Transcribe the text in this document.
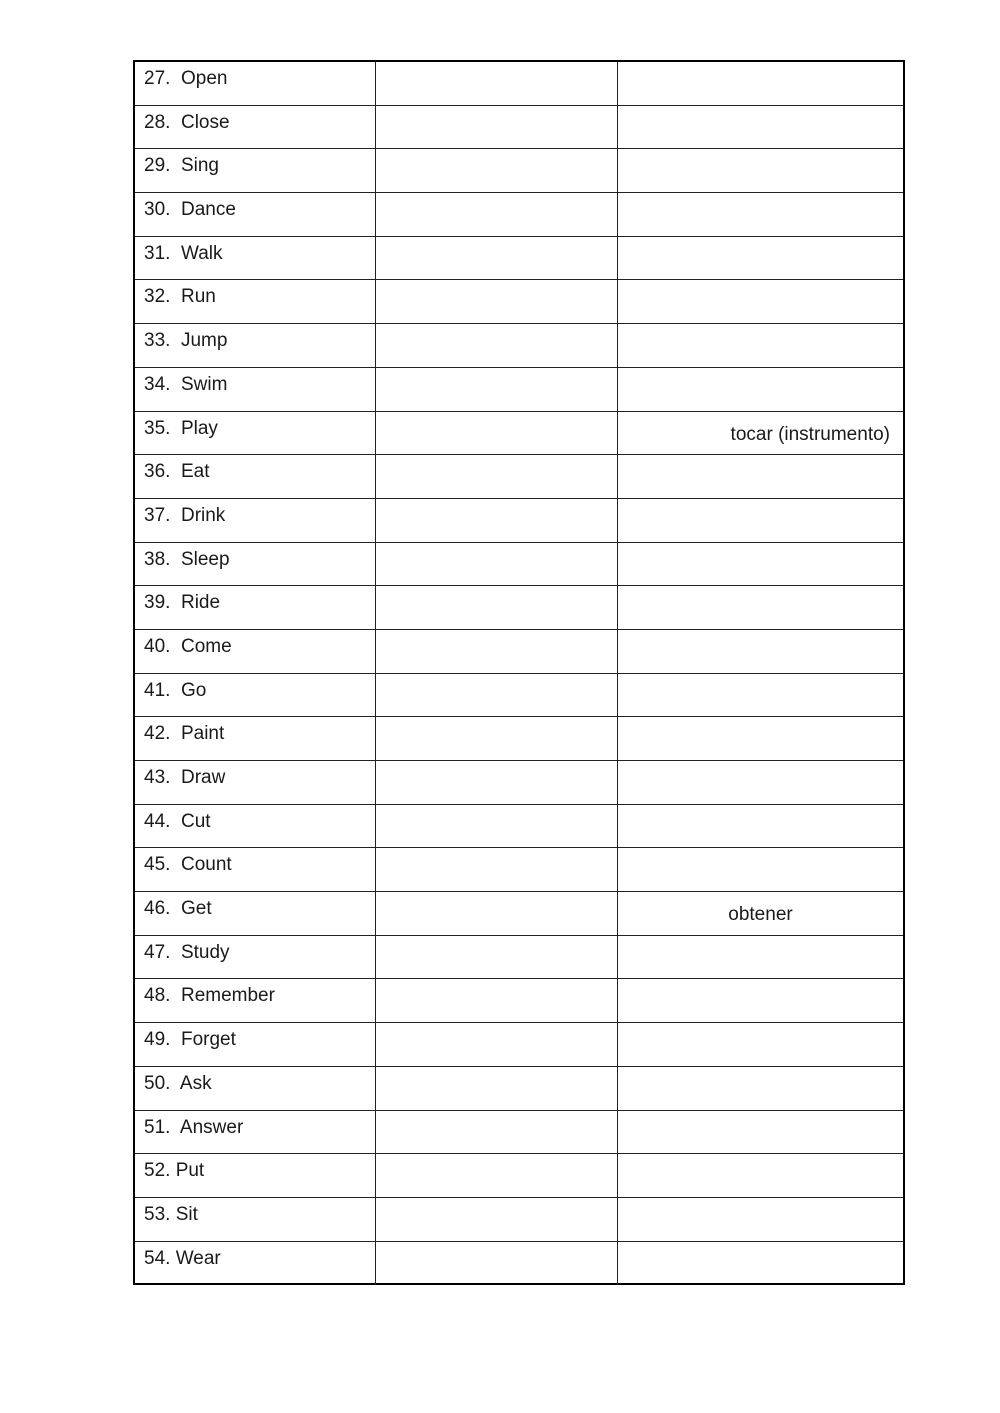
27.  Open
28.  Close
29.  Sing
30.  Dance
31.  Walk
32.  Run
33.  Jump
34.  Swim
35.  Play	tocar (instrumento)
36.  Eat
37.  Drink
38.  Sleep
39.  Ride
40.  Come
41.  Go
42.  Paint
43.  Draw
44.  Cut
45.  Count
46.  Get	obtener
47.  Study
48.  Remember
49.  Forget
50.  Ask
51.  Answer
52. Put
53. Sit
54. Wear
